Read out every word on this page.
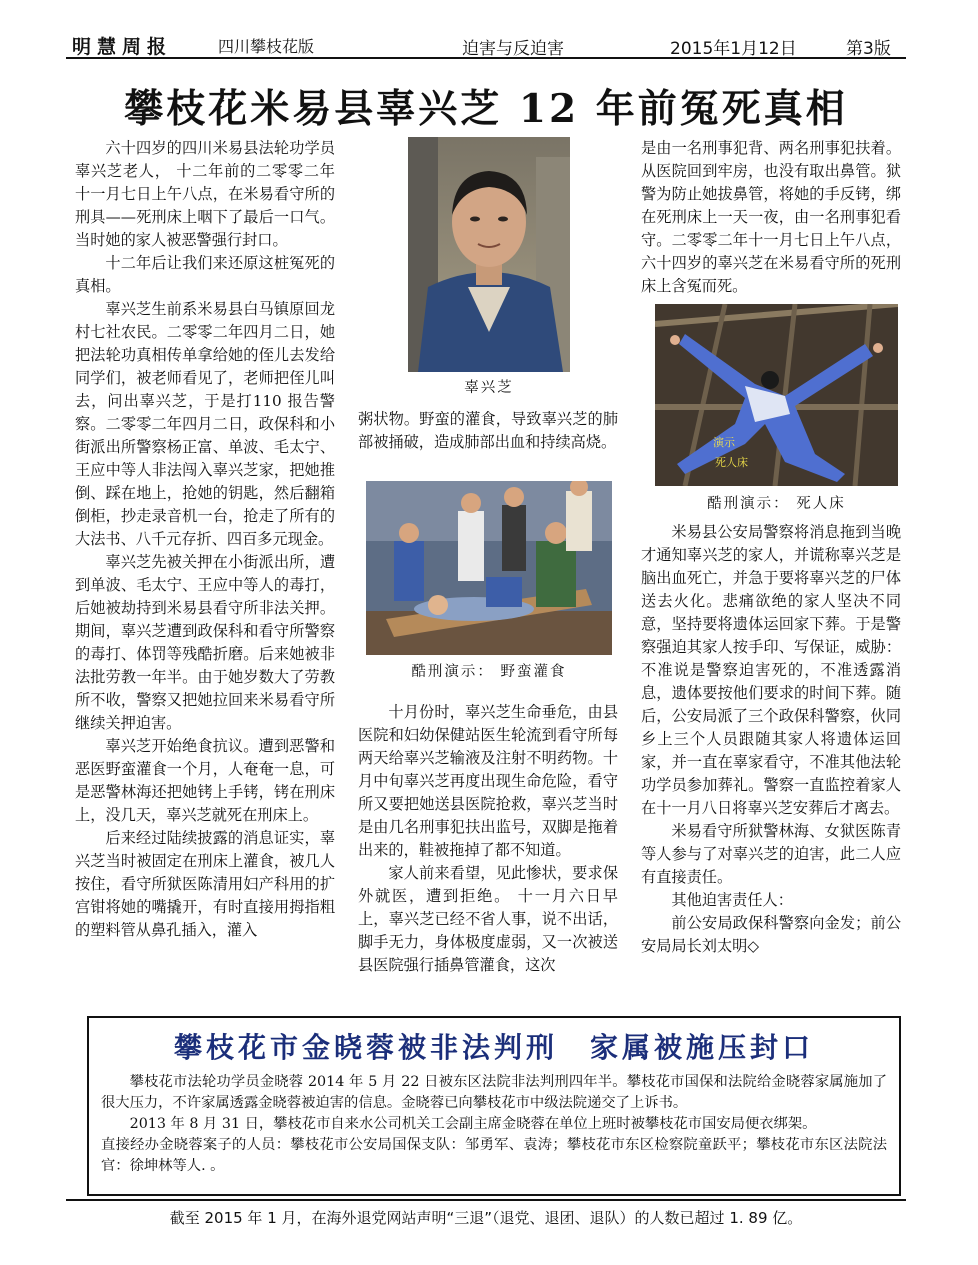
明慧周报	四川攀枝花版	迫害与反迫害	2015年1月12日	第3版
攀枝花米易县辜兴芝 12 年前冤死真相

六十四岁的四川米易县法轮功学员辜兴芝老人， 十二年前的二零零二年十一月七日上午八点，在米易看守所的刑具——死刑床上咽下了最后一口气。当时她的家人被恶警强行封口。

十二年后让我们来还原这桩冤死的真相。

辜兴芝生前系米易县白马镇原回龙村七社农民。二零零二年四月二日，她把法轮功真相传单拿给她的侄儿去发给同学们，被老师看见了，老师把侄儿叫去，问出辜兴芝，于是打110 报告警察。二零零二年四月二日，政保科和小街派出所警察杨正富、单波、毛太宁、王应中等人非法闯入辜兴芝家，把她推倒、踩在地上，抢她的钥匙，然后翻箱倒柜，抄走录音机一台，抢走了所有的大法书、八千元存折、四百多元现金。

辜兴芝先被关押在小街派出所，遭到单波、毛太宁、王应中等人的毒打，后她被劫持到米易县看守所非法关押。期间，辜兴芝遭到政保科和看守所警察的毒打、体罚等残酷折磨。后来她被非法批劳教一年半。由于她岁数大了劳教所不收，警察又把她拉回来米易看守所继续关押迫害。

辜兴芝开始绝食抗议。遭到恶警和恶医野蛮灌食一个月，人奄奄一息，可是恶警林海还把她铐上手铐，铐在刑床上，没几天，辜兴芝就死在刑床上。

后来经过陆续披露的消息证实，辜兴芝当时被固定在刑床上灌食，被几人按住，看守所狱医陈清用妇产科用的扩宫钳将她的嘴撬开，有时直接用拇指粗的塑料管从鼻孔插入，灌入

辜兴芝

粥状物。野蛮的灌食，导致辜兴芝的肺部被捅破，造成肺部出血和持续高烧。

酷刑演示： 野蛮灌食

十月份时，辜兴芝生命垂危，由县医院和妇幼保健站医生轮流到看守所每两天给辜兴芝输液及注射不明药物。十月中旬辜兴芝再度出现生命危险，看守所又要把她送县医院抢救，辜兴芝当时是由几名刑事犯扶出监号，双脚是拖着出来的，鞋被拖掉了都不知道。

家人前来看望，见此惨状，要求保外就医，遭到拒绝。 十一月六日早上，辜兴芝已经不省人事，说不出话，脚手无力，身体极度虚弱，又一次被送县医院强行插鼻管灌食，这次

是由一名刑事犯背、两名刑事犯扶着。从医院回到牢房，也没有取出鼻管。狱警为防止她拔鼻管，将她的手反铐，绑在死刑床上一天一夜，由一名刑事犯看守。二零零二年十一月七日上午八点，六十四岁的辜兴芝在米易看守所的死刑床上含冤而死。

演示
死人床
酷刑演示： 死人床

米易县公安局警察将消息拖到当晚才通知辜兴芝的家人，并谎称辜兴芝是脑出血死亡，并急于要将辜兴芝的尸体送去火化。悲痛欲绝的家人坚决不同意，坚持要将遗体运回家下葬。于是警察强迫其家人按手印、写保证，威胁：不准说是警察迫害死的，不准透露消息，遗体要按他们要求的时间下葬。随后，公安局派了三个政保科警察，伙同乡上三个人员跟随其家人将遗体运回家，并一直在辜家看守，不准其他法轮功学员参加葬礼。警察一直监控着家人在十一月八日将辜兴芝安葬后才离去。

米易看守所狱警林海、女狱医陈青等人参与了对辜兴芝的迫害，此二人应有直接责任。

其他迫害责任人：

前公安局政保科警察向金发；前公安局局长刘太明◇

攀枝花市金晓蓉被非法判刑　家属被施压封口

攀枝花市法轮功学员金晓蓉 2014 年 5 月 22 日被东区法院非法判刑四年半。攀枝花市国保和法院给金晓蓉家属施加了很大压力，不许家属透露金晓蓉被迫害的信息。金晓蓉已向攀枝花市中级法院递交了上诉书。

2013 年 8 月 31 日，攀枝花市自来水公司机关工会副主席金晓蓉在单位上班时被攀枝花市国安局便衣绑架。

直接经办金晓蓉案子的人员：攀枝花市公安局国保支队：邹勇军、袁涛；攀枝花市东区检察院童跃平；攀枝花市东区法院法官：徐坤林等人. 。

截至 2015 年 1 月，在海外退党网站声明“三退”（退党、退团、退队）的人数已超过 1. 89 亿。
